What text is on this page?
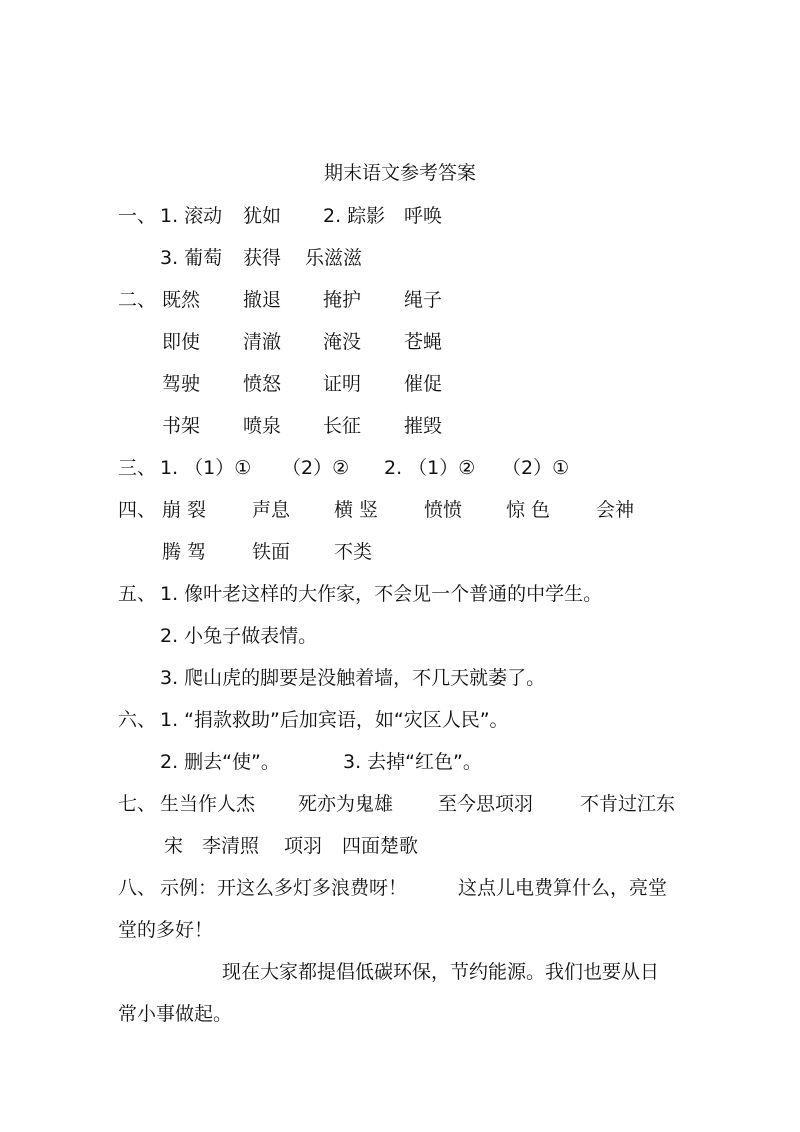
期末语文参考答案
一、 1. 滚动 犹如 2. 踪影 呼唤
3. 葡萄 获得 乐滋滋
二、 既然 撤退 掩护 绳子
即使 清澈 淹没 苍蝇
驾驶 愤怒 证明 催促
书架 喷泉 长征 摧毁
三、 1. （1）① （2）② 2. （1）② （2）①
四、 崩 裂 声息 横 竖 愤愤 惊 色 会神
腾 驾 铁面 不类
五、 1. 像叶老这样的大作家，不会见一个普通的中学生。
2. 小兔子做表情。
3. 爬山虎的脚要是没触着墙，不几天就萎了。
六、 1. “捐款救助”后加宾语，如“灾区人民”。
2. 删去“使”。	3. 去掉“红色”。
七、 生当作人杰 死亦为鬼雄 至今思项羽 不肯过江东
宋 李清照 项羽 四面楚歌
八、 示例：开这么多灯多浪费呀！	这点儿电费算什么，亮堂
堂的多好！
现在大家都提倡低碳环保，节约能源。我们也要从日
常小事做起。
